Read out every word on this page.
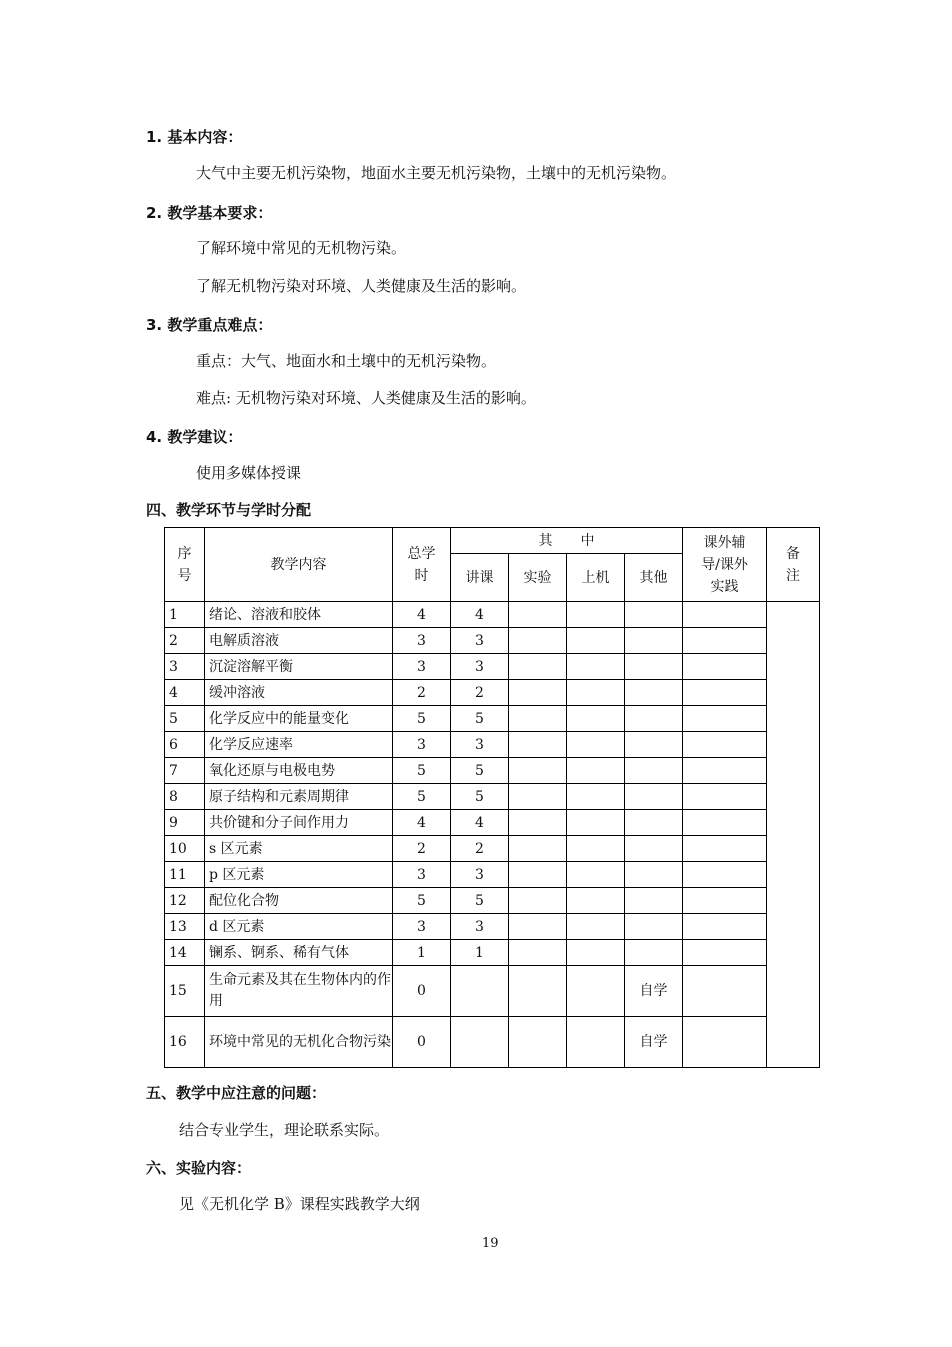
1. 基本内容：
大气中主要无机污染物，地面水主要无机污染物，土壤中的无机污染物。
2. 教学基本要求：
了解环境中常见的无机物污染。
了解无机物污染对环境、人类健康及生活的影响。
3. 教学重点难点：
重点：大气、地面水和土壤中的无机污染物。
难点: 无机物污染对环境、人类健康及生活的影响。
4. 教学建议：
使用多媒体授课
四、教学环节与学时分配
序号	教学内容	总学时	其　　中				课外辅导/课外实践	备注

			讲课	实验	上机	其他		
1	绪论、溶液和胶体	4	4					
2	电解质溶液	3	3					
3	沉淀溶解平衡	3	3					
4	缓冲溶液	2	2					
5	化学反应中的能量变化	5	5					
6	化学反应速率	3	3					
7	氧化还原与电极电势	5	5					
8	原子结构和元素周期律	5	5					
9	共价键和分子间作用力	4	4					
10	s 区元素	2	2					
11	p 区元素	3	3					
12	配位化合物	5	5					
13	d 区元素	3	3					
14	镧系、锕系、稀有气体	1	1					
15	生命元素及其在生物体内的作用	0				自学		
16	环境中常见的无机化合物污染	0				自学		
五、教学中应注意的问题：
结合专业学生，理论联系实际。
六、实验内容：
见《无机化学 B》课程实践教学大纲
19
